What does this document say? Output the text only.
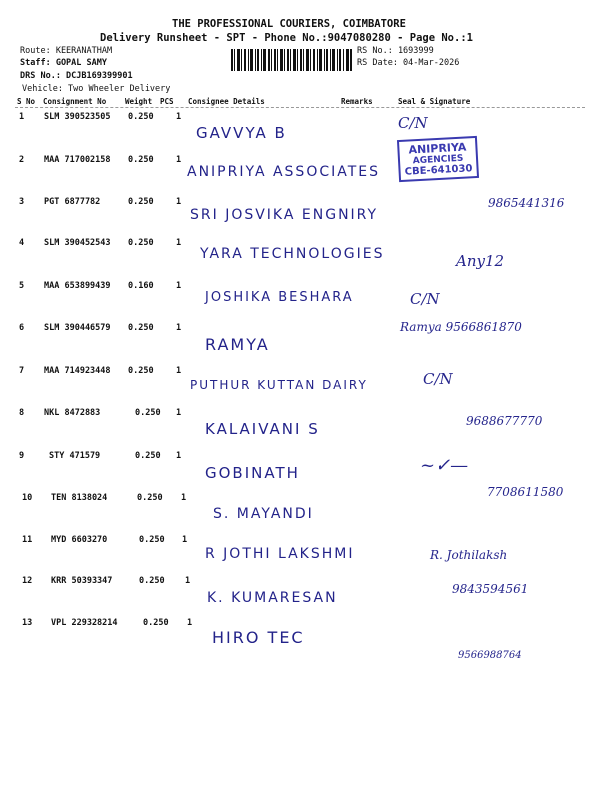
THE PROFESSIONAL COURIERS, COIMBATORE
Delivery Runsheet - SPT - Phone No.:9047080280 - Page No.:1
Route: KEERANATHAM
Staff: GOPAL SAMY
DRS No.: DCJB169399901
Vehicle: Two Wheeler Delivery
RS No.: 1693999
RS Date: 04-Mar-2026
S No Consignment No	Weight PCS Consignee Details	Remarks	Seal & Signature
1 SLM 390523505 0.250	1
GAVVYA B
C/N
2 MAA 717002158 0.250	1
ANIPRIYA ASSOCIATES
ANIPRIYA
AGENCIES
CBE-641030
3 PGT 6877782	0.250	1
SRI JOSVIKA ENGNIRY
9865441316
4 SLM 390452543 0.250	1
YARA TECHNOLOGIES	Any12
5 MAA 653899439 0.160	1
JOSHIKA BESHARA	C/N
6 SLM 390446579 0.250	1
RAMYA
Ramya 9566861870
7 MAA 714923448 0.250	1
PUTHUR KUTTAN DAIRY	C/N
8 NKL 8472883	0.250 1
KALAIVANI S	9688677770
9	STY 471579	0.250 1
GOBINATH	~✓—
10 TEN 8138024	0.250 1
S. MAYANDI
7708611580
11 MYD 6603270	0.250 1
R JOTHI LAKSHMI	R. Jothilaksh
12 KRR 50393347	0.250 1
K. KUMARESAN
9843594561
13 VPL 229328214	0.250 1
HIRO TEC
9566988764
